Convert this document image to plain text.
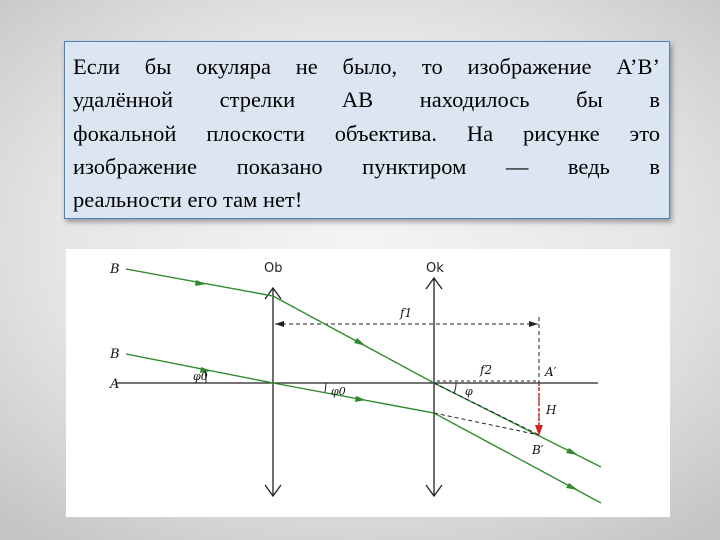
Если бы окуляра не было, то изображение A’B’
удалённой стрелки AB находилось бы в
фокальной плоскости объектива. На рисунке это
изображение показано пунктиром — ведь в
реальности его там нет!
Ob	Ok
f1
f2
B
B
A
φ0
φ0	φ
A′
H
B′
